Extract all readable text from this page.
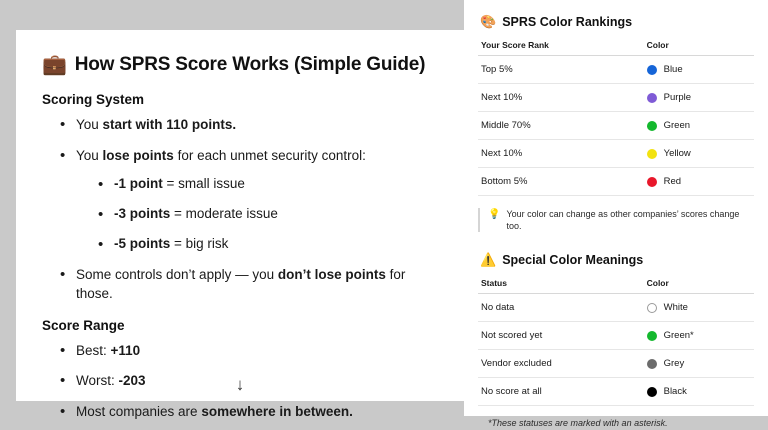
💼 How SPRS Score Works (Simple Guide)
Scoring System
• You start with 110 points.
• You lose points for each unmet security control:
• -1 point = small issue
• -3 points = moderate issue
• -5 points = big risk
• Some controls don’t apply — you don’t lose points for those.
Score Range
• Best: +110
• Worst: -203
• Most companies are somewhere in between.
↓
🎨 SPRS Color Rankings
Your Score Rank	Color
Top 5%	Blue

Next 10%	Purple

Middle 70%	Green

Next 10%	Yellow

Bottom 5%	Red
💡 Your color can change as other companies’ scores change too.
⚠️ Special Color Meanings
Status	Color
No data	White

Not scored yet	Green*

Vendor excluded	Grey

No score at all	Black
*These statuses are marked with an asterisk.
